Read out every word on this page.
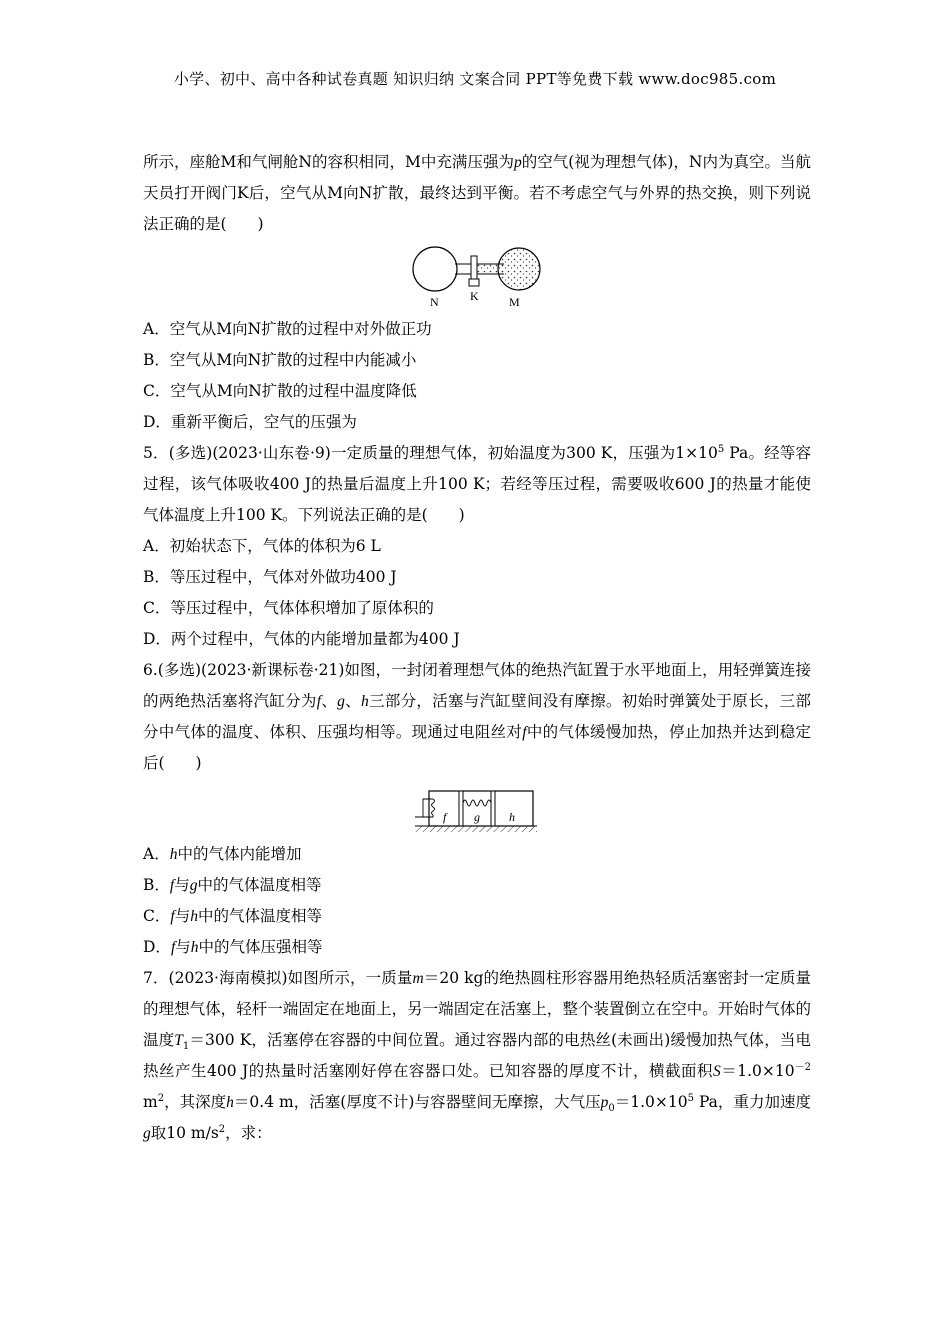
小学、初中、高中各种试卷真题 知识归纳 文案合同 PPT等免费下载 www.doc985.com

所示，座舱M和气闸舱N的容积相同，M中充满压强为p的空气(视为理想气体)，N内为真空。当航天员打开阀门K后，空气从M向N扩散，最终达到平衡。若不考虑空气与外界的热交换，则下列说法正确的是(　　)

N	K	M

A．空气从M向N扩散的过程中对外做正功

B．空气从M向N扩散的过程中内能减小

C．空气从M向N扩散的过程中温度降低

D．重新平衡后，空气的压强为

5．(多选)(2023·山东卷·9)一定质量的理想气体，初始温度为300 K，压强为$1\times 10^5$ Pa。经等容过程，该气体吸收400 J的热量后温度上升100 K；若经等压过程，需要吸收600 J的热量才能使气体温度上升100 K。下列说法正确的是(　　)

A．初始状态下，气体的体积为6 L

B．等压过程中，气体对外做功400 J

C．等压过程中，气体体积增加了原体积的

D．两个过程中，气体的内能增加量都为400 J

6.(多选)(2023·新课标卷·21)如图，一封闭着理想气体的绝热汽缸置于水平地面上，用轻弹簧连接的两绝热活塞将汽缸分为f、g、h三部分，活塞与汽缸壁间没有摩擦。初始时弹簧处于原长，三部分中气体的温度、体积、压强均相等。现通过电阻丝对f中的气体缓慢加热，停止加热并达到稳定后(　　)

f g h

A．h中的气体内能增加

B．f与g中的气体温度相等

C．f与h中的气体温度相等

D．f与h中的气体压强相等

7．(2023·海南模拟)如图所示，一质量m＝20 kg的绝热圆柱形容器用绝热轻质活塞密封一定质量的理想气体，轻杆一端固定在地面上，另一端固定在活塞上，整个装置倒立在空中。开始时气体的温度$T_1=300$ K，活塞停在容器的中间位置。通过容器内部的电热丝(未画出)缓慢加热气体，当电热丝产生400 J的热量时活塞刚好停在容器口处。已知容器的厚度不计，横截面积$S=1.0\times 10^{-2}$ $m^2$，其深度h＝0.4 m，活塞(厚度不计)与容器壁间无摩擦，大气压$p_0=1.0\times 10^5$ Pa，重力加速度g取10 $m/s^2$，求：
